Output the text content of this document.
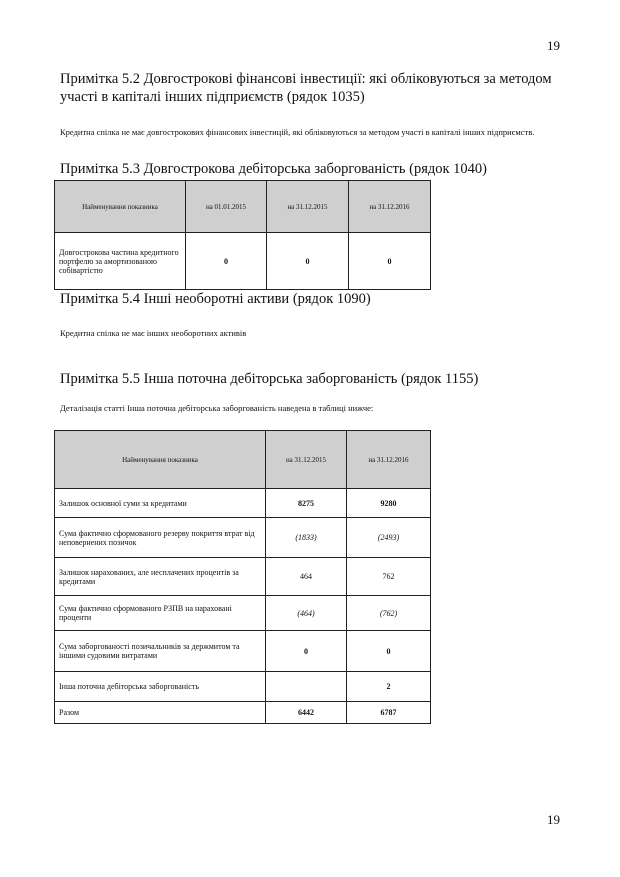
19
Примітка 5.2 Довгострокові фінансові інвестиції: які обліковуються за методом
участі в капіталі інших підприємств (рядок 1035)
Кредитна спілка не має довгострокових фінансових інвестицій, які обліковуються за методом участі в капіталі інших підприємств.
Примітка 5.3 Довгострокова дебіторська заборгованість (рядок 1040)
Найменування показника	на 01.01.2015	на 31.12.2015	на 31.12.2016
Довгострокова частина кредитного портфелю за амортизованою собівартістю	0	0	0
Примітка 5.4 Інші необоротні активи (рядок 1090)
Кредитна спілка не має інших необоротних активів
Примітка 5.5 Інша поточна дебіторська заборгованість (рядок 1155)
Деталізація статті Інша поточна дебіторська заборгованість наведена в таблиці нижче:
Найменування показника	на 31.12.2015	на 31.12.2016
Залишок основної суми за кредитами	8275	9280
Сума фактично сформованого резерву покриття втрат від неповернених позичок	(1833)	(2493)
Залишок нарахованих, але несплачених процентів за кредитами	464	762
Сума фактично сформованого РЗПВ на нараховані проценти	(464)	(762)
Сума заборгованості позичальників за держмитом та іншими судовими витратами	0	0
Інша поточна дебіторська заборгованість		2
Разом	6442	6787
19
